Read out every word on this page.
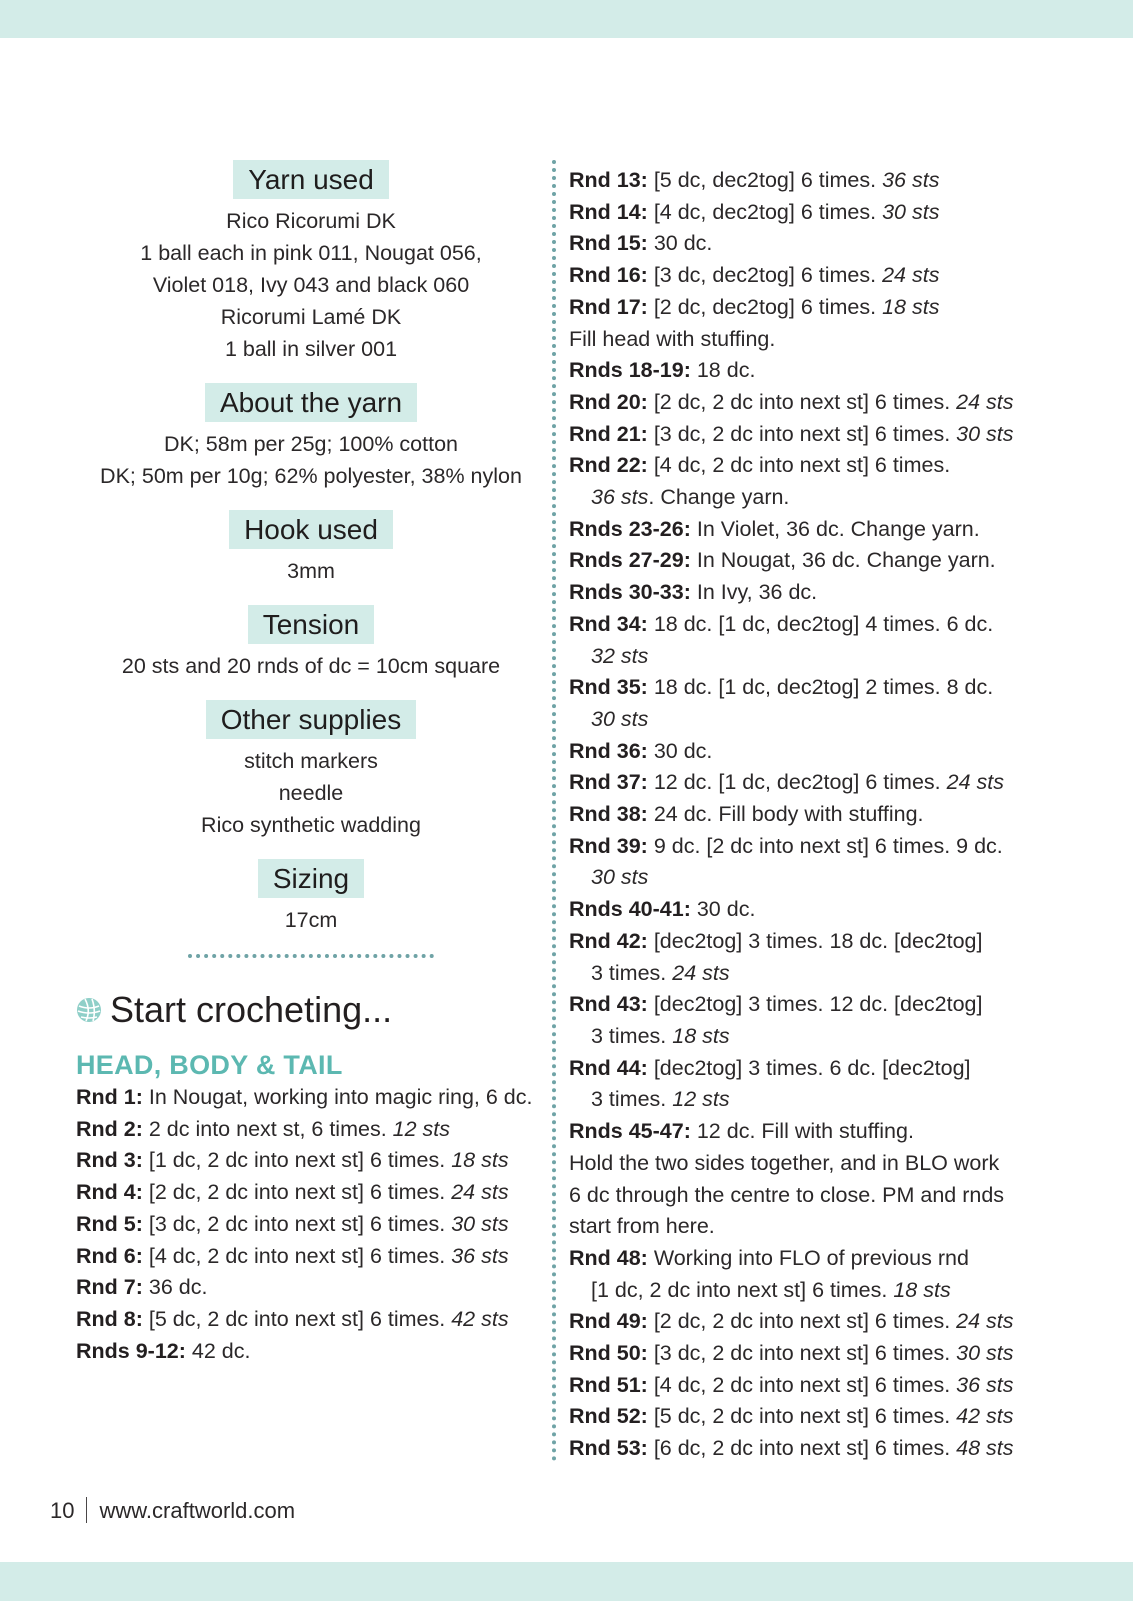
Yarn used
Rico Ricorumi DK
1 ball each in pink 011, Nougat 056,
Violet 018, Ivy 043 and black 060
Ricorumi Lamé DK
1 ball in silver 001
About the yarn
DK; 58m per 25g; 100% cotton
DK; 50m per 10g; 62% polyester, 38% nylon
Hook used
3mm
Tension
20 sts and 20 rnds of dc = 10cm square
Other supplies
stitch markers
needle
Rico synthetic wadding
Sizing
17cm
Start crocheting...
HEAD, BODY & TAIL
Rnd 1: In Nougat, working into magic ring, 6 dc.
Rnd 2: 2 dc into next st, 6 times. 12 sts
Rnd 3: [1 dc, 2 dc into next st] 6 times. 18 sts
Rnd 4: [2 dc, 2 dc into next st] 6 times. 24 sts
Rnd 5: [3 dc, 2 dc into next st] 6 times. 30 sts
Rnd 6: [4 dc, 2 dc into next st] 6 times. 36 sts
Rnd 7: 36 dc.
Rnd 8: [5 dc, 2 dc into next st] 6 times. 42 sts
Rnds 9-12: 42 dc.
Rnd 13: [5 dc, dec2tog] 6 times. 36 sts
Rnd 14: [4 dc, dec2tog] 6 times. 30 sts
Rnd 15: 30 dc.
Rnd 16: [3 dc, dec2tog] 6 times. 24 sts
Rnd 17: [2 dc, dec2tog] 6 times. 18 sts
Fill head with stuffing.
Rnds 18-19: 18 dc.
Rnd 20: [2 dc, 2 dc into next st] 6 times. 24 sts
Rnd 21: [3 dc, 2 dc into next st] 6 times. 30 sts
Rnd 22: [4 dc, 2 dc into next st] 6 times.
36 sts. Change yarn.
Rnds 23-26: In Violet, 36 dc. Change yarn.
Rnds 27-29: In Nougat, 36 dc. Change yarn.
Rnds 30-33: In Ivy, 36 dc.
Rnd 34: 18 dc. [1 dc, dec2tog] 4 times. 6 dc.
32 sts
Rnd 35: 18 dc. [1 dc, dec2tog] 2 times. 8 dc.
30 sts
Rnd 36: 30 dc.
Rnd 37: 12 dc. [1 dc, dec2tog] 6 times. 24 sts
Rnd 38: 24 dc. Fill body with stuffing.
Rnd 39: 9 dc. [2 dc into next st] 6 times. 9 dc.
30 sts
Rnds 40-41: 30 dc.
Rnd 42: [dec2tog] 3 times. 18 dc. [dec2tog]
3 times. 24 sts
Rnd 43: [dec2tog] 3 times. 12 dc. [dec2tog]
3 times. 18 sts
Rnd 44: [dec2tog] 3 times. 6 dc. [dec2tog]
3 times. 12 sts
Rnds 45-47: 12 dc. Fill with stuffing.
Hold the two sides together, and in BLO work
6 dc through the centre to close. PM and rnds
start from here.
Rnd 48: Working into FLO of previous rnd
[1 dc, 2 dc into next st] 6 times. 18 sts
Rnd 49: [2 dc, 2 dc into next st] 6 times. 24 sts
Rnd 50: [3 dc, 2 dc into next st] 6 times. 30 sts
Rnd 51: [4 dc, 2 dc into next st] 6 times. 36 sts
Rnd 52: [5 dc, 2 dc into next st] 6 times. 42 sts
Rnd 53: [6 dc, 2 dc into next st] 6 times. 48 sts
10 www.craftworld.com
